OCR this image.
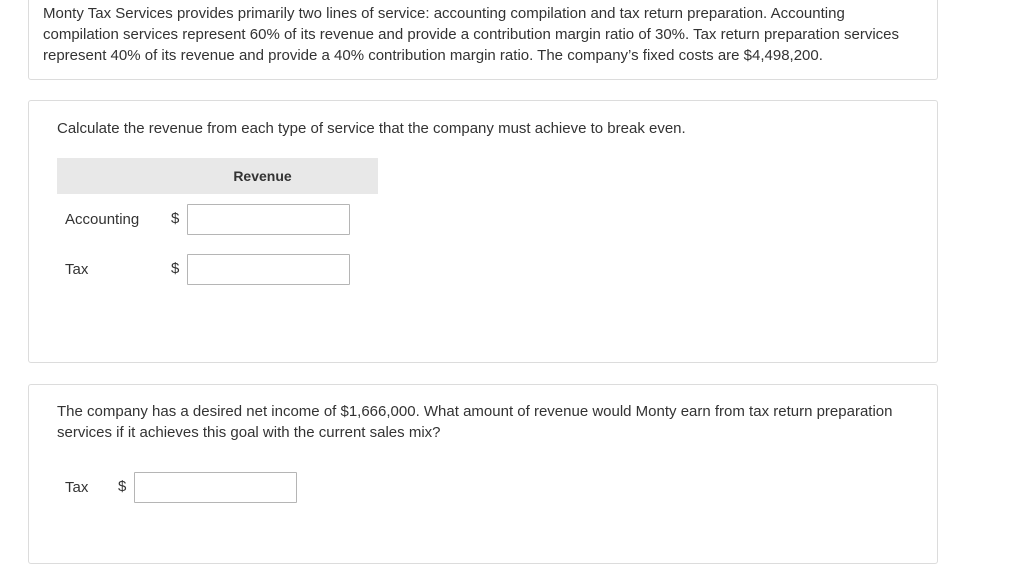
Monty Tax Services provides primarily two lines of service: accounting compilation and tax return preparation. Accounting compilation services represent 60% of its revenue and provide a contribution margin ratio of 30%. Tax return preparation services represent 40% of its revenue and provide a 40% contribution margin ratio. The company’s fixed costs are $4,498,200.
Calculate the revenue from each type of service that the company must achieve to break even.
Revenue
Accounting $
Tax	$
The company has a desired net income of $1,666,000. What amount of revenue would Monty earn from tax return preparation services if it achieves this goal with the current sales mix?
Tax $
